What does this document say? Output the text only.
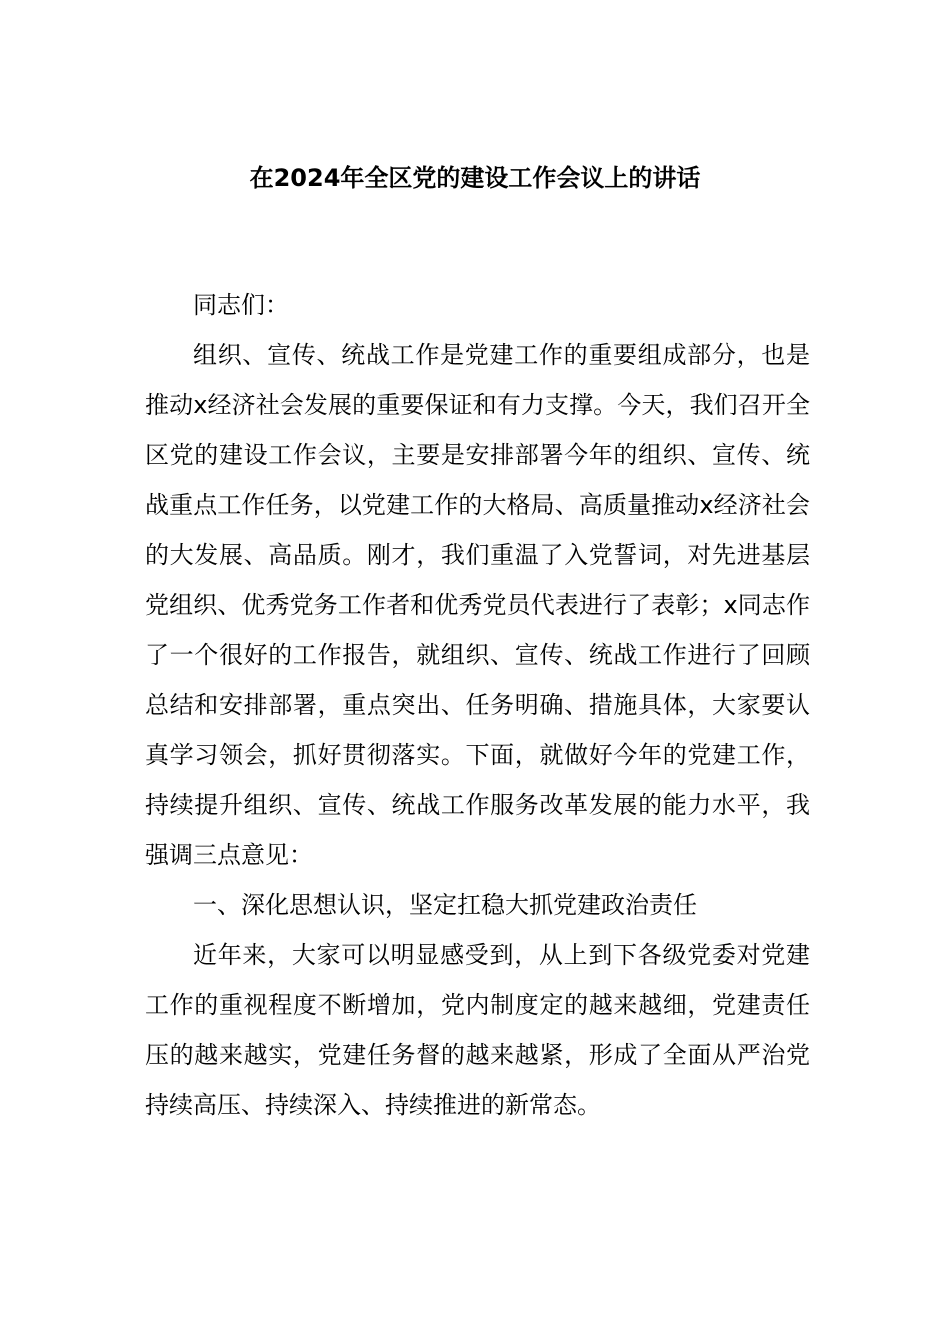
在2024年全区党的建设工作会议上的讲话

同志们：

组织、宣传、统战工作是党建工作的重要组成部分，也是推动x经济社会发展的重要保证和有力支撑。今天，我们召开全区党的建设工作会议，主要是安排部署今年的组织、宣传、统战重点工作任务，以党建工作的大格局、高质量推动x经济社会的大发展、高品质。刚才，我们重温了入党誓词，对先进基层党组织、优秀党务工作者和优秀党员代表进行了表彰；x同志作了一个很好的工作报告，就组织、宣传、统战工作进行了回顾总结和安排部署，重点突出、任务明确、措施具体，大家要认真学习领会，抓好贯彻落实。下面，就做好今年的党建工作，持续提升组织、宣传、统战工作服务改革发展的能力水平，我强调三点意见：

一、深化思想认识，坚定扛稳大抓党建政治责任

近年来，大家可以明显感受到，从上到下各级党委对党建工作的重视程度不断增加，党内制度定的越来越细，党建责任压的越来越实，党建任务督的越来越紧，形成了全面从严治党持续高压、持续深入、持续推进的新常态。
